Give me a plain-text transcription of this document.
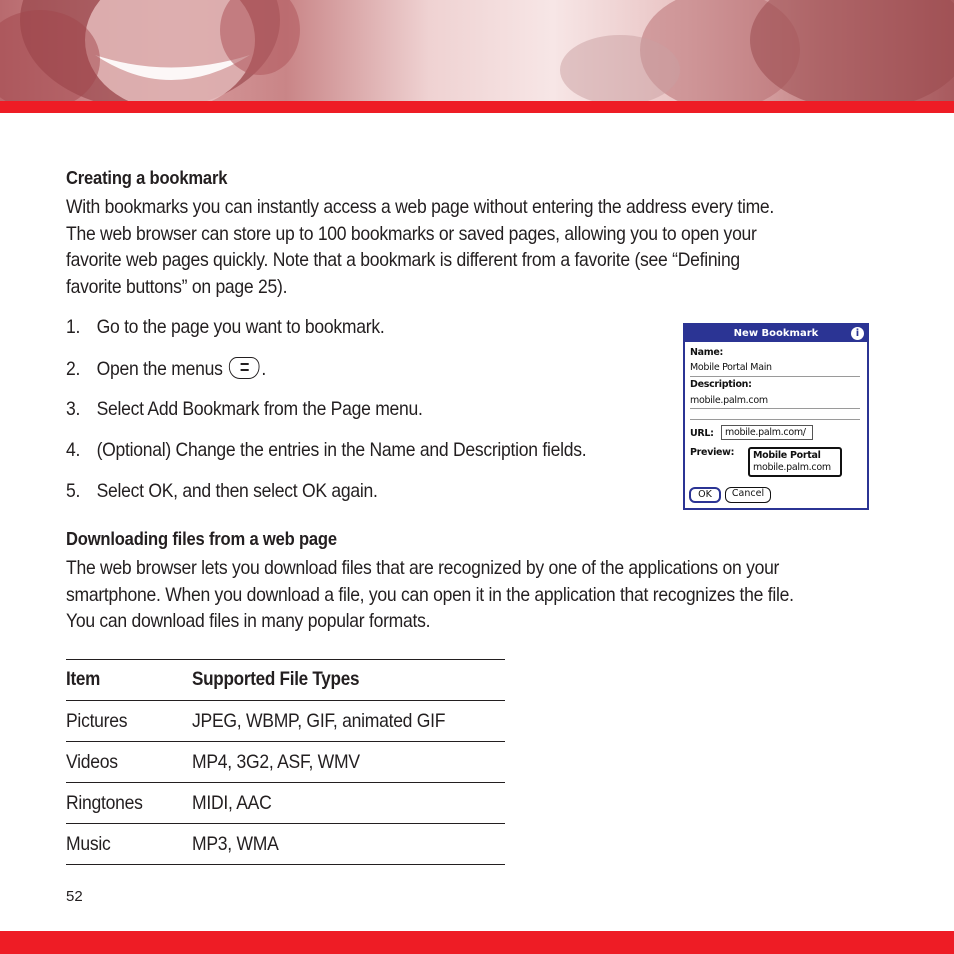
Creating a bookmark

With bookmarks you can instantly access a web page without entering the address every time.
The web browser can store up to 100 bookmarks or saved pages, allowing you to open your
favorite web pages quickly. Note that a bookmark is different from a favorite (see “Defining
favorite buttons” on page 25).

1. Go to the page you want to bookmark.
2. Open the menus .
3. Select Add Bookmark from the Page menu.
4. (Optional) Change the entries in the Name and Description fields.
5. Select OK, and then select OK again.
Downloading files from a web page

The web browser lets you download files that are recognized by one of the applications on your
smartphone. When you download a file, you can open it in the application that recognizes the file.
You can download files in many popular formats.

New Bookmark	i
Name:
Mobile Portal Main
Description:
mobile.palm.com
URL:	mobile.palm.com/
Preview: Mobile Portal
mobile.palm.com
OK	Cancel
Item	Supported File Types
Pictures	JPEG, WBMP, GIF, animated GIF
Videos	MP4, 3G2, ASF, WMV
Ringtones	MIDI, AAC
Music	MP3, WMA
52
